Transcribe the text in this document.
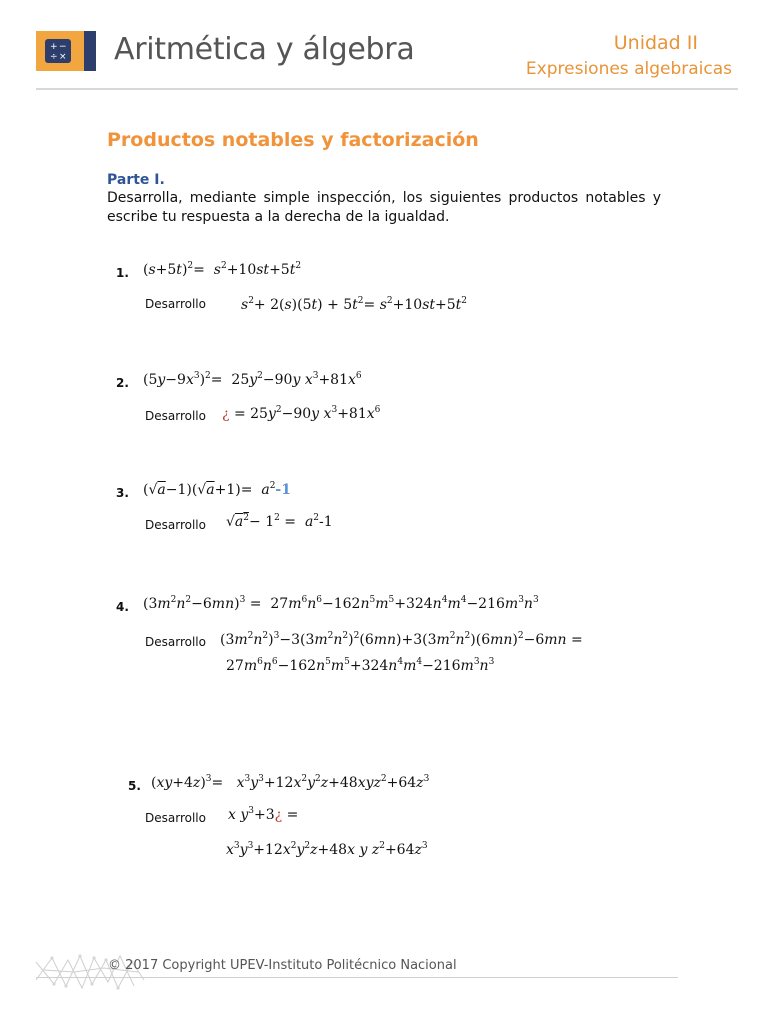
+ −
÷ × Aritmética y álgebra	Unidad II
Expresiones algebraicas
Productos notables y factorización
Parte I.
Desarrolla, mediante simple inspección, los siguientes productos notables y escribe tu respuesta a la derecha de la igualdad.
1. $(s+5t)^2= s^2+10st+5t^2$
Desarrollo	$s^2+ 2(s)(5t) + 5t^2= s^2+10st+5t^2$
2. $(5y-9x^3)^2= 25y^2-90y$ $x^3+81x^6$
Desarrollo ¿ = $25y^2-90y$ $x^3+81x^6$
3. $(√a-1)(√a+1)= a^2-1$
Desarrollo $√a^2- 1^2 = a^2-1$
4. $(3m^2n^2-6mn)^3 = 27m^6n^6-162n^5m^5+324n^4m^4-216m^3n^3$
Desarrollo $(3m^2n^2)^3-3(3m^2n^2)^2(6mn)+3(3m^2n^2)(6mn)^2-6mn$ =
$27m^6n^6-162n^5m^5+324n^4m^4-216m^3n^3$
5. $(xy+4z)^3= x^3y^3+12x^2y^2z+48xyz^2+64z^3$
Desarrollo x $y^3+3¿$ =
$x^3y^3+12x^2y^2z+48x$ y $z^2+64z^3$
© 2017 Copyright UPEV-Instituto Politécnico Nacional
